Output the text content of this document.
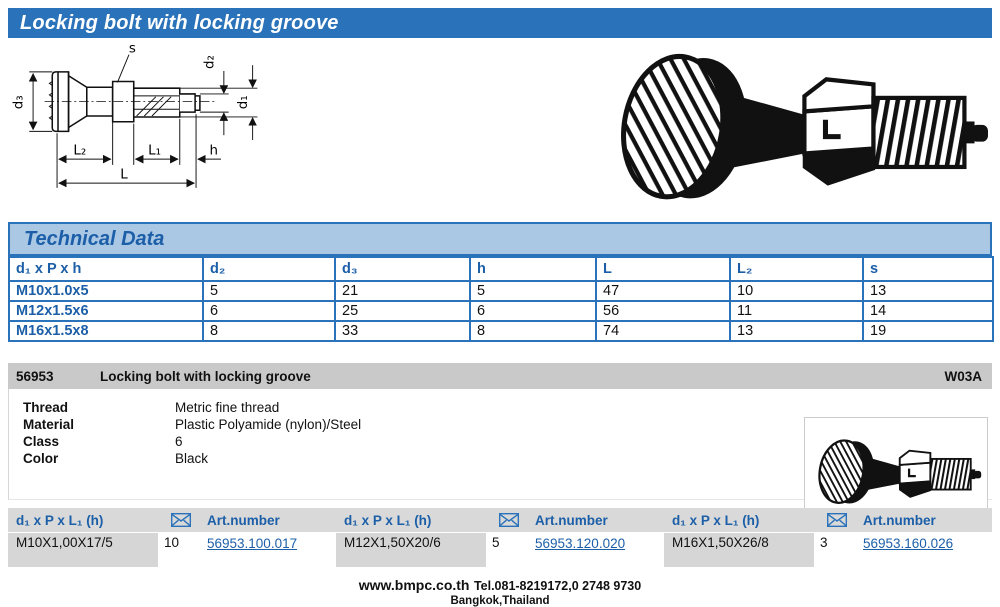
Locking bolt with locking groove
s
d₃
d₂
d₁
L₂	L₁	h
L
Technical Data
d₁ x P x h	d₂	d₃	h	L	L₂	s
M10x1.0x5	5	21	5	47	10	13
M12x1.5x6	6	25	6	56	11	14
M16x1.5x8	8	33	8	74	13	19
56953	Locking bolt with locking groove	W03A
Thread	Metric fine thread
Material	Plastic Polyamide (nylon)/Steel
Class	6
Color	Black
d₁ x P x L₁ (h)	Art.number	d₁ x P x L₁ (h)	Art.number	d₁ x P x L₁ (h)	Art.number
M10X1,00X17/5	10	56953.100.017	M12X1,50X20/6	5	56953.120.020	M16X1,50X26/8	3	56953.160.026
www.bmpc.co.th Tel.081-8219172,0 2748 9730
Bangkok,Thailand
